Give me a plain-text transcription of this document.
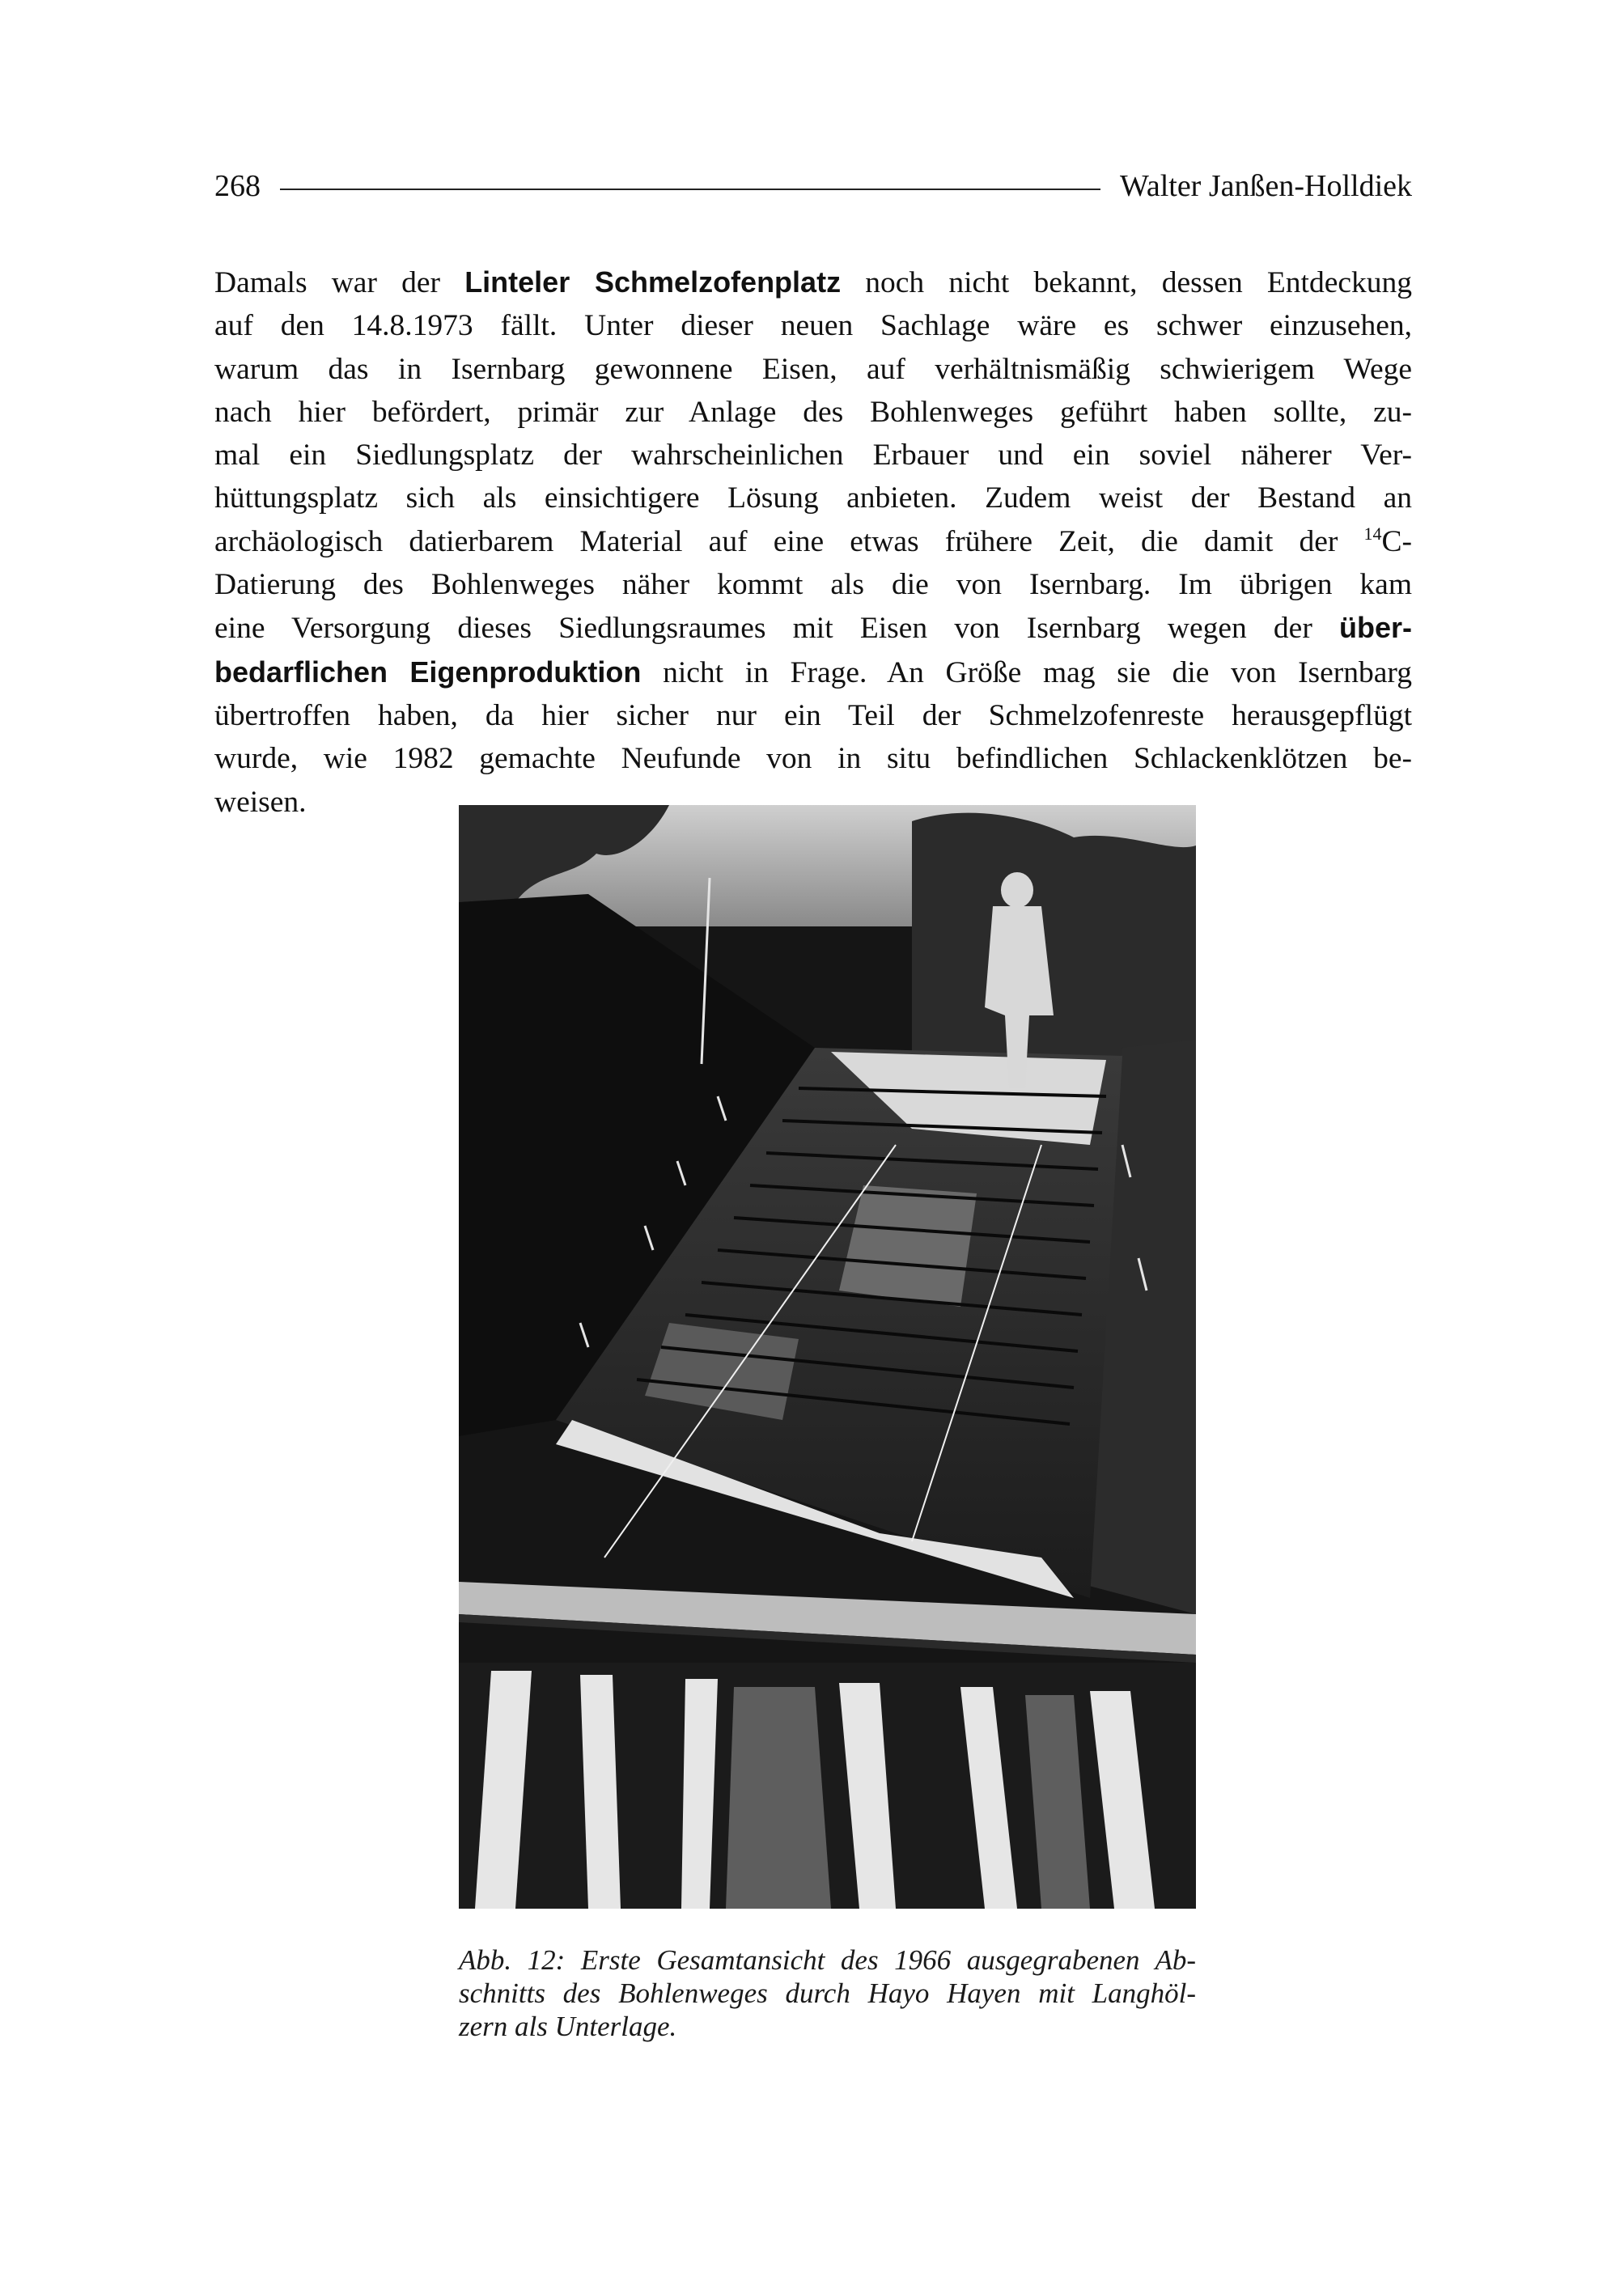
268	Walter Janßen-Holldiek

Damals war der Linteler Schmelzofenplatz noch nicht bekannt, dessen Entdeckung
auf den 14.8.1973 fällt. Unter dieser neuen Sachlage wäre es schwer einzusehen,
warum das in Isernbarg gewonnene Eisen, auf verhältnismäßig schwierigem Wege
nach hier befördert, primär zur Anlage des Bohlenweges geführt haben sollte, zu-
mal ein Siedlungsplatz der wahrscheinlichen Erbauer und ein soviel näherer Ver-
hüttungsplatz sich als einsichtigere Lösung anbieten. Zudem weist der Bestand an
archäologisch datierbarem Material auf eine etwas frühere Zeit, die damit der $^{14}$C-
Datierung des Bohlenweges näher kommt als die von Isernbarg. Im übrigen kam
eine Versorgung dieses Siedlungsraumes mit Eisen von Isernbarg wegen der über-
bedarflichen Eigenproduktion nicht in Frage. An Größe mag sie die von Isernbarg
übertroffen haben, da hier sicher nur ein Teil der Schmelzofenreste herausgepflügt
wurde, wie 1982 gemachte Neufunde von in situ befindlichen Schlackenklötzen be-
weisen.

Abb. 12: Erste Gesamtansicht des 1966 ausgegrabenen Ab-
schnitts des Bohlenweges durch Hayo Hayen mit Langhöl-
zern als Unterlage.
